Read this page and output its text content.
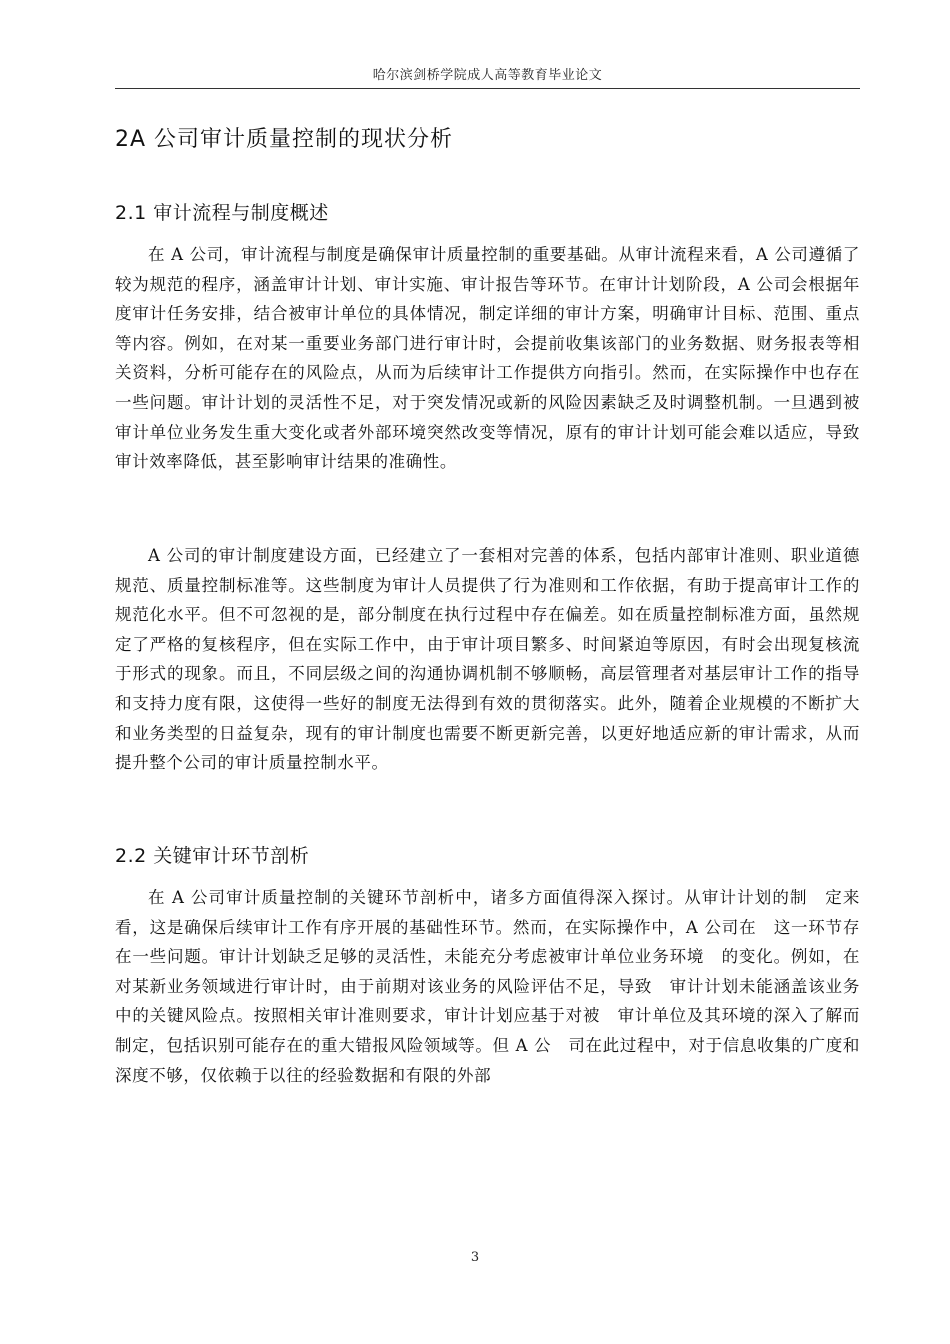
哈尔滨剑桥学院成人高等教育毕业论文
2A 公司审计质量控制的现状分析
2.1 审计流程与制度概述

在 A 公司，审计流程与制度是确保审计质量控制的重要基础。从审计流程来看，A 公司遵循了较为规范的程序，涵盖审计计划、审计实施、审计报告等环节。在审计计划阶段，A 公司会根据年度审计任务安排，结合被审计单位的具体情况，制定详细的审计方案，明确审计目标、范围、重点等内容。例如，在对某一重要业务部门进行审计时，会提前收集该部门的业务数据、财务报表等相关资料，分析可能存在的风险点，从而为后续审计工作提供方向指引。然而，在实际操作中也存在一些问题。审计计划的灵活性不足，对于突发情况或新的风险因素缺乏及时调整机制。一旦遇到被审计单位业务发生重大变化或者外部环境突然改变等情况，原有的审计计划可能会难以适应，导致审计效率降低，甚至影响审计结果的准确性。

A 公司的审计制度建设方面，已经建立了一套相对完善的体系，包括内部审计准则、职业道德规范、质量控制标准等。这些制度为审计人员提供了行为准则和工作依据，有助于提高审计工作的规范化水平。但不可忽视的是，部分制度在执行过程中存在偏差。如在质量控制标准方面，虽然规定了严格的复核程序，但在实际工作中，由于审计项目繁多、时间紧迫等原因，有时会出现复核流于形式的现象。而且，不同层级之间的沟通协调机制不够顺畅，高层管理者对基层审计工作的指导和支持力度有限，这使得一些好的制度无法得到有效的贯彻落实。此外，随着企业规模的不断扩大和业务类型的日益复杂，现有的审计制度也需要不断更新完善，以更好地适应新的审计需求，从而提升整个公司的审计质量控制水平。

2.2 关键审计环节剖析

在 A 公司审计质量控制的关键环节剖析中，诸多方面值得深入探讨。从审计计划的制　定来看，这是确保后续审计工作有序开展的基础性环节。然而，在实际操作中，A 公司在　这一环节存在一些问题。审计计划缺乏足够的灵活性，未能充分考虑被审计单位业务环境　的变化。例如，在对某新业务领域进行审计时，由于前期对该业务的风险评估不足，导致　审计计划未能涵盖该业务中的关键风险点。按照相关审计准则要求，审计计划应基于对被　审计单位及其环境的深入了解而制定，包括识别可能存在的重大错报风险领域等。但 A 公　司在此过程中，对于信息收集的广度和深度不够，仅依赖于以往的经验数据和有限的外部

3
